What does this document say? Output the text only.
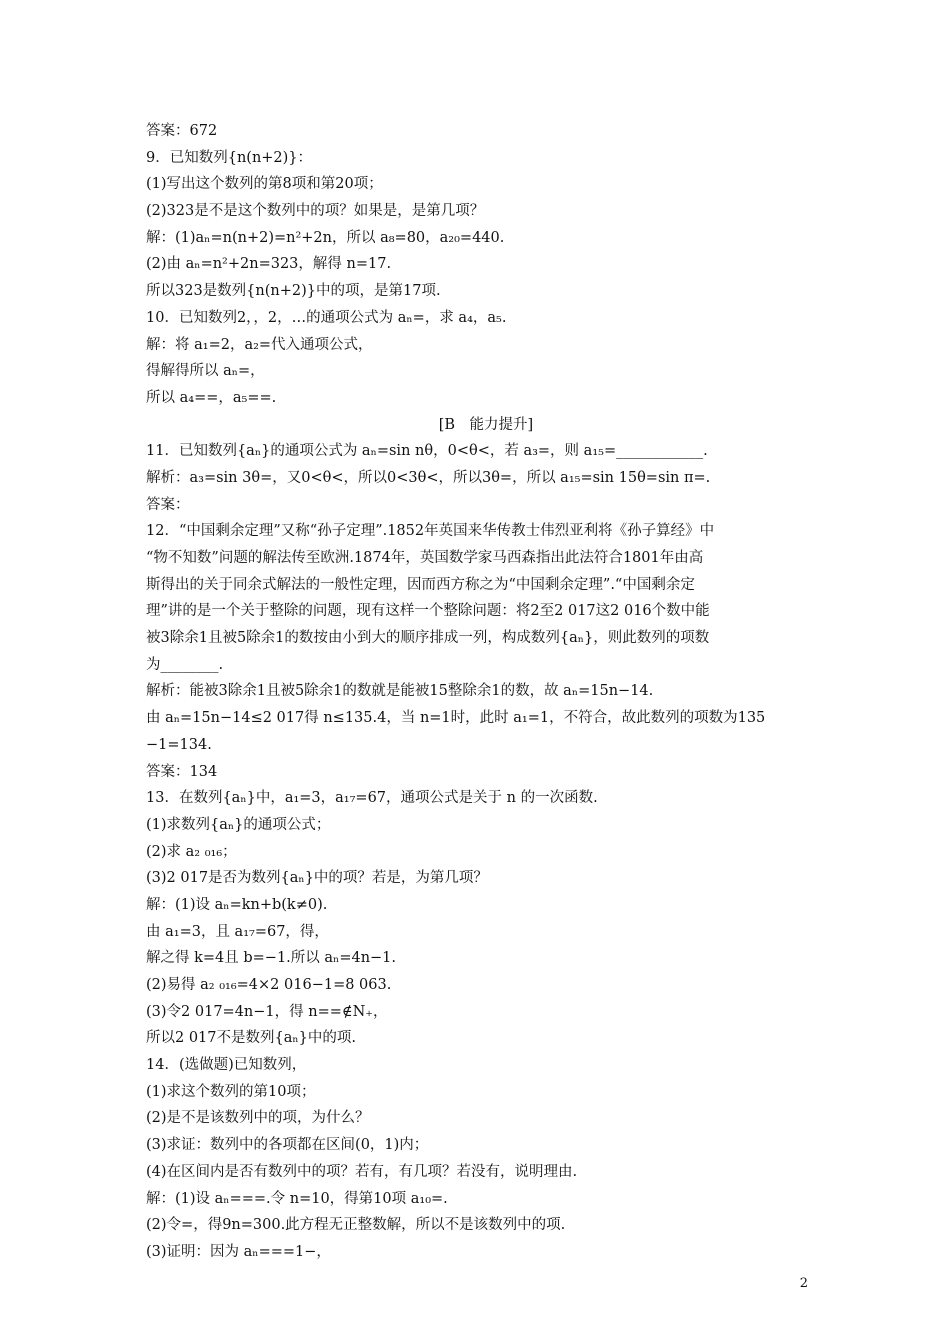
答案：672
9．已知数列{n(n+2)}：
(1)写出这个数列的第8项和第20项；
(2)323是不是这个数列中的项？如果是，是第几项？
解：(1)aₙ=n(n+2)=n²+2n，所以 a₈=80，a₂₀=440.
(2)由 aₙ=n²+2n=323，解得 n=17.
所以323是数列{n(n+2)}中的项，是第17项.
10．已知数列2，，2，…的通项公式为 aₙ=，求 a₄，a₅.
解：将 a₁=2，a₂=代入通项公式，
得解得所以 aₙ=，
所以 a₄==，a₅==.
[B　能力提升]
11．已知数列{aₙ}的通项公式为 aₙ=sin nθ，0<θ<，若 a₃=，则 a₁₅=____________.
解析：a₃=sin 3θ=，又0<θ<，所以0<3θ<，所以3θ=，所以 a₁₅=sin 15θ=sin π=.
答案：
12．“中国剩余定理”又称“孙子定理”.1852年英国来华传教士伟烈亚利将《孙子算经》中
“物不知数”问题的解法传至欧洲.1874年，英国数学家马西森指出此法符合1801年由高
斯得出的关于同余式解法的一般性定理，因而西方称之为“中国剩余定理”.“中国剩余定
理”讲的是一个关于整除的问题，现有这样一个整除问题：将2至2 017这2 016个数中能
被3除余1且被5除余1的数按由小到大的顺序排成一列，构成数列{aₙ}，则此数列的项数
为________.
解析：能被3除余1且被5除余1的数就是能被15整除余1的数，故 aₙ=15n−14.
由 aₙ=15n−14≤2 017得 n≤135.4，当 n=1时，此时 a₁=1，不符合，故此数列的项数为135
−1=134.
答案：134
13．在数列{aₙ}中，a₁=3，a₁₇=67，通项公式是关于 n 的一次函数.
(1)求数列{aₙ}的通项公式；
(2)求 a₂ ₀₁₆；
(3)2 017是否为数列{aₙ}中的项？若是，为第几项？
解：(1)设 aₙ=kn+b(k≠0).
由 a₁=3，且 a₁₇=67，得，
解之得 k=4且 b=−1.所以 aₙ=4n−1.
(2)易得 a₂ ₀₁₆=4×2 016−1=8 063.
(3)令2 017=4n−1，得 n==∉N₊，
所以2 017不是数列{aₙ}中的项.
14．(选做题)已知数列，
(1)求这个数列的第10项；
(2)是不是该数列中的项，为什么？
(3)求证：数列中的各项都在区间(0，1)内；
(4)在区间内是否有数列中的项？若有，有几项？若没有，说明理由.
解：(1)设 aₙ===.令 n=10，得第10项 a₁₀=.
(2)令=，得9n=300.此方程无正整数解，所以不是该数列中的项.
(3)证明：因为 aₙ===1−，
2
